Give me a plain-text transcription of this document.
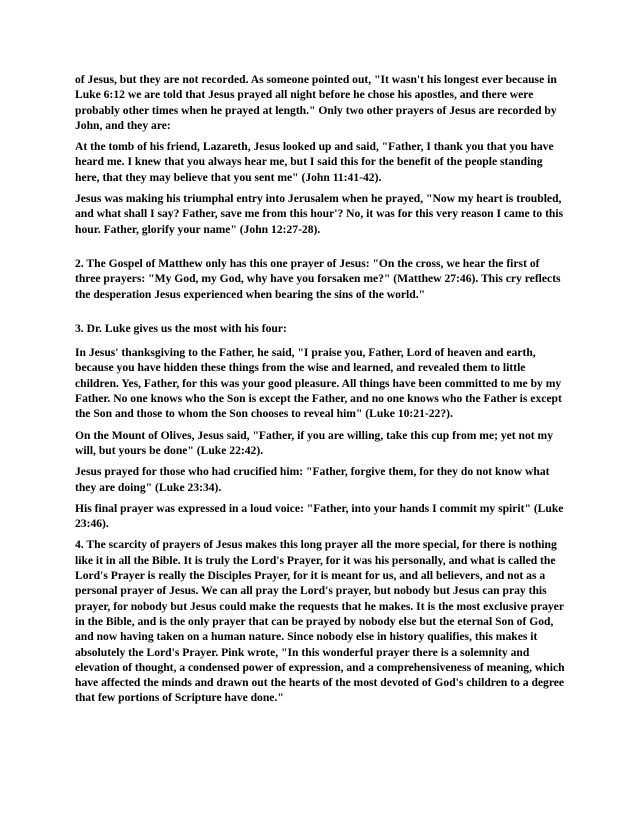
of Jesus, but they are not recorded. As someone pointed out, "It wasn't his longest ever because in Luke 6:12 we are told that Jesus prayed all night before he chose his apostles, and there were probably other times when he prayed at length." Only two other prayers of Jesus are recorded by John, and they are:

At the tomb of his friend, Lazareth, Jesus looked up and said, "Father, I thank you that you have heard me. I knew that you always hear me, but I said this for the benefit of the people standing here, that they may believe that you sent me" (John 11:41-42).

Jesus was making his triumphal entry into Jerusalem when he prayed, "Now my heart is troubled, and what shall I say? Father, save me from this hour'? No, it was for this very reason I came to this hour. Father, glorify your name" (John 12:27-28).

2. The Gospel of Matthew only has this one prayer of Jesus: "On the cross, we hear the first of three prayers: "My God, my God, why have you forsaken me?" (Matthew 27:46). This cry reflects the desperation Jesus experienced when bearing the sins of the world."

3. Dr. Luke gives us the most with his four:

In Jesus' thanksgiving to the Father, he said, "I praise you, Father, Lord of heaven and earth, because you have hidden these things from the wise and learned, and revealed them to little children. Yes, Father, for this was your good pleasure. All things have been committed to me by my Father. No one knows who the Son is except the Father, and no one knows who the Father is except the Son and those to whom the Son chooses to reveal him" (Luke 10:21-22?).

On the Mount of Olives, Jesus said, "Father, if you are willing, take this cup from me; yet not my will, but yours be done" (Luke 22:42).

Jesus prayed for those who had crucified him: "Father, forgive them, for they do not know what they are doing" (Luke 23:34).

His final prayer was expressed in a loud voice: "Father, into your hands I commit my spirit" (Luke 23:46).

4. The scarcity of prayers of Jesus makes this long prayer all the more special, for there is nothing like it in all the Bible. It is truly the Lord's Prayer, for it was his personally, and what is called the Lord's Prayer is really the Disciples Prayer, for it is meant for us, and all believers, and not as a personal prayer of Jesus. We can all pray the Lord's prayer, but nobody but Jesus can pray this prayer, for nobody but Jesus could make the requests that he makes. It is the most exclusive prayer in the Bible, and is the only prayer that can be prayed by nobody else but the eternal Son of God, and now having taken on a human nature. Since nobody else in history qualifies, this makes it absolutely the Lord's Prayer. Pink wrote, "In this wonderful prayer there is a solemnity and elevation of thought, a condensed power of expression, and a comprehensiveness of meaning, which have affected the minds and drawn out the hearts of the most devoted of God's children to a degree that few portions of Scripture have done."
